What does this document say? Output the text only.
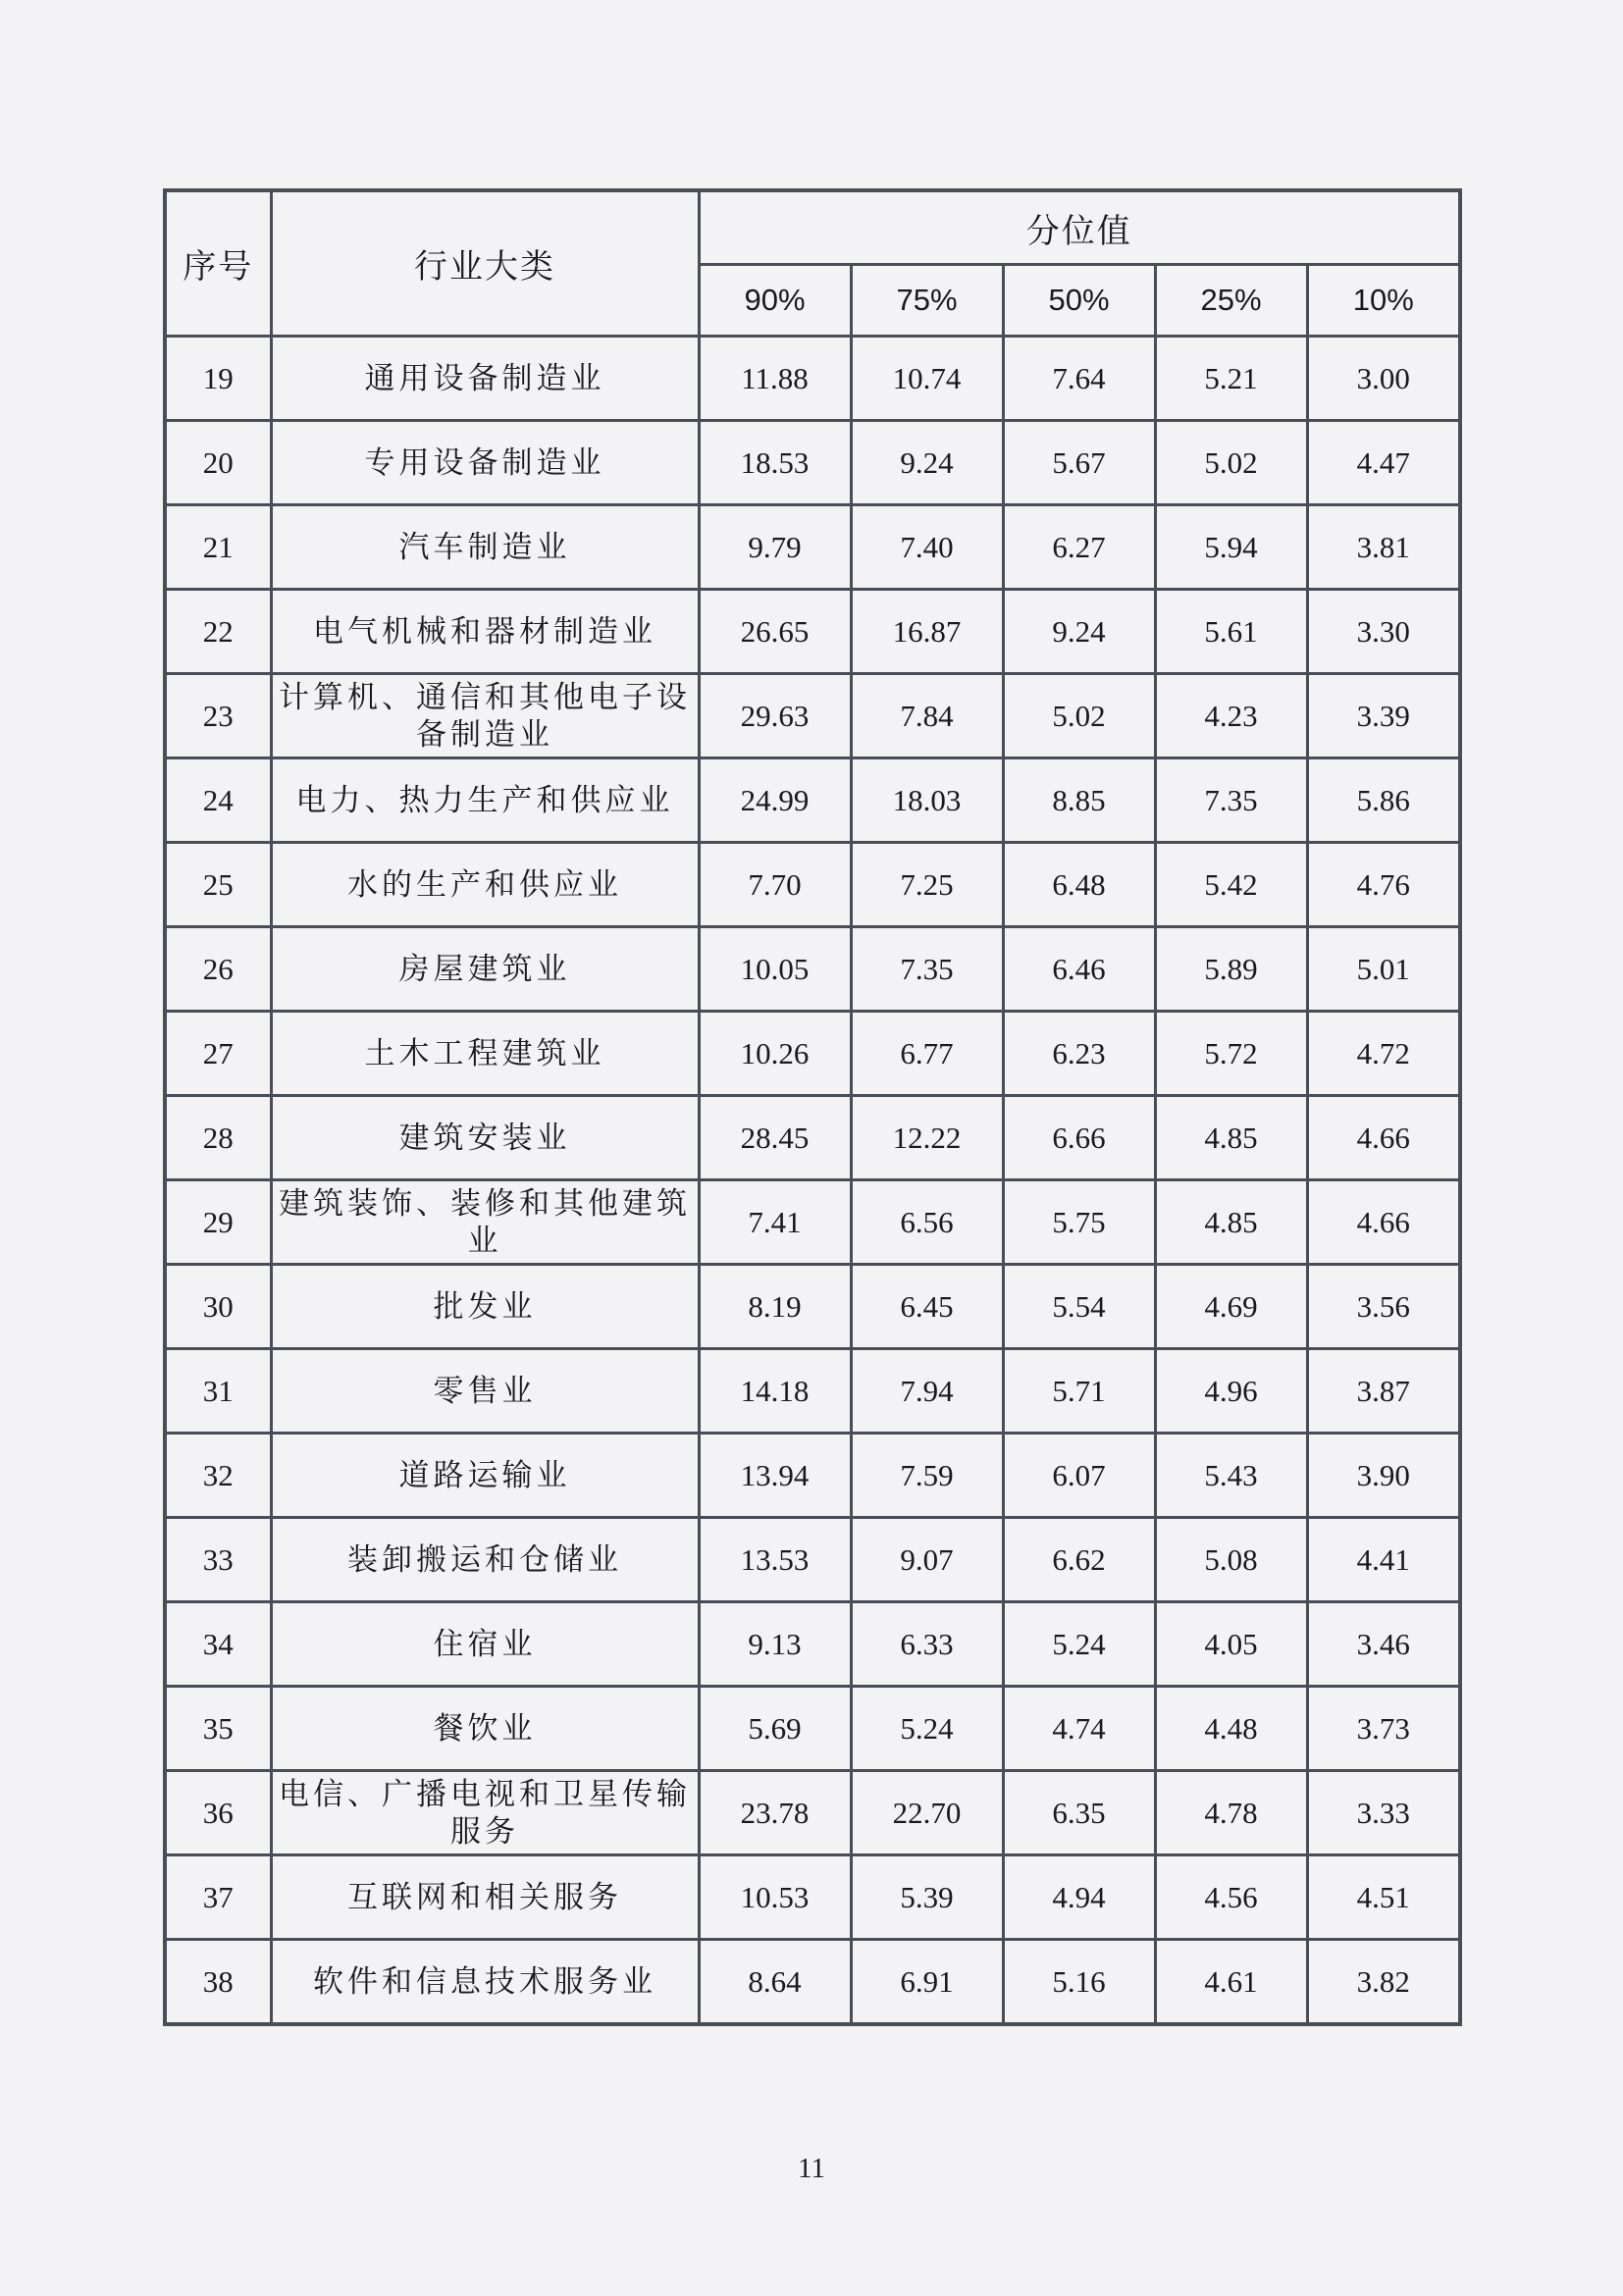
序号	行业大类	分位值				
		90%	75%	50%	25%	10%
19	通用设备制造业	11.88	10.74	7.64	5.21	3.00
20	专用设备制造业	18.53	9.24	5.67	5.02	4.47
21	汽车制造业	9.79	7.40	6.27	5.94	3.81
22	电气机械和器材制造业	26.65	16.87	9.24	5.61	3.30
23	计算机、通信和其他电子设备制造业	29.63	7.84	5.02	4.23	3.39
24	电力、热力生产和供应业	24.99	18.03	8.85	7.35	5.86
25	水的生产和供应业	7.70	7.25	6.48	5.42	4.76
26	房屋建筑业	10.05	7.35	6.46	5.89	5.01
27	土木工程建筑业	10.26	6.77	6.23	5.72	4.72
28	建筑安装业	28.45	12.22	6.66	4.85	4.66
29	建筑装饰、装修和其他建筑业	7.41	6.56	5.75	4.85	4.66
30	批发业	8.19	6.45	5.54	4.69	3.56
31	零售业	14.18	7.94	5.71	4.96	3.87
32	道路运输业	13.94	7.59	6.07	5.43	3.90
33	装卸搬运和仓储业	13.53	9.07	6.62	5.08	4.41
34	住宿业	9.13	6.33	5.24	4.05	3.46
35	餐饮业	5.69	5.24	4.74	4.48	3.73
36	电信、广播电视和卫星传输服务	23.78	22.70	6.35	4.78	3.33
37	互联网和相关服务	10.53	5.39	4.94	4.56	4.51
38	软件和信息技术服务业	8.64	6.91	5.16	4.61	3.82
11
